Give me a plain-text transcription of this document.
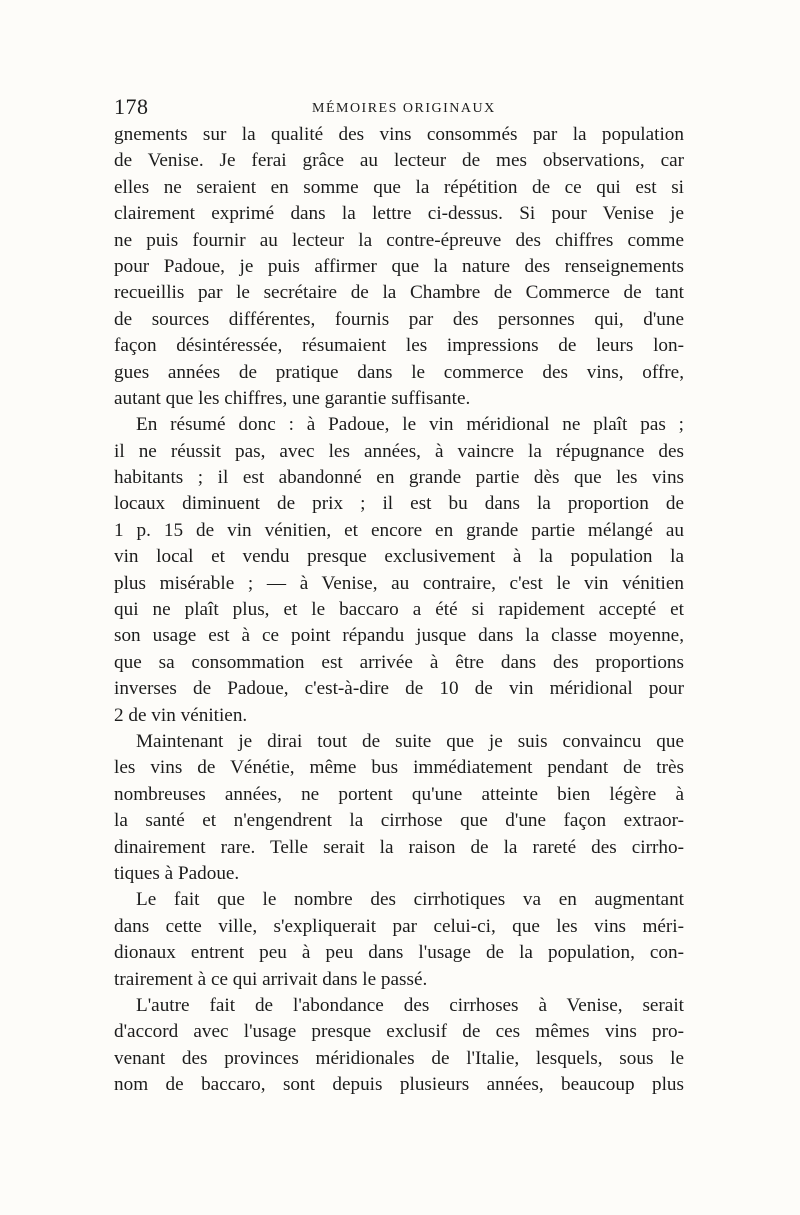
178	MÉMOIRES ORIGINAUX
gnements sur la qualité des vins consommés par la population
de Venise. Je ferai grâce au lecteur de mes observations, car
elles ne seraient en somme que la répétition de ce qui est si
clairement exprimé dans la lettre ci-dessus. Si pour Venise je
ne puis fournir au lecteur la contre-épreuve des chiffres comme
pour Padoue, je puis affirmer que la nature des renseignements
recueillis par le secrétaire de la Chambre de Commerce de tant
de sources différentes, fournis par des personnes qui, d'une
façon désintéressée, résumaient les impressions de leurs lon-
gues années de pratique dans le commerce des vins, offre,
autant que les chiffres, une garantie suffisante.
En résumé donc : à Padoue, le vin méridional ne plaît pas ;
il ne réussit pas, avec les années, à vaincre la répugnance des
habitants ; il est abandonné en grande partie dès que les vins
locaux diminuent de prix ; il est bu dans la proportion de
1 p. 15 de vin vénitien, et encore en grande partie mélangé au
vin local et vendu presque exclusivement à la population la
plus misérable ; — à Venise, au contraire, c'est le vin vénitien
qui ne plaît plus, et le baccaro a été si rapidement accepté et
son usage est à ce point répandu jusque dans la classe moyenne,
que sa consommation est arrivée à être dans des proportions
inverses de Padoue, c'est-à-dire de 10 de vin méridional pour
2 de vin vénitien.
Maintenant je dirai tout de suite que je suis convaincu que
les vins de Vénétie, même bus immédiatement pendant de très
nombreuses années, ne portent qu'une atteinte bien légère à
la santé et n'engendrent la cirrhose que d'une façon extraor-
dinairement rare. Telle serait la raison de la rareté des cirrho-
tiques à Padoue.
Le fait que le nombre des cirrhotiques va en augmentant
dans cette ville, s'expliquerait par celui-ci, que les vins méri-
dionaux entrent peu à peu dans l'usage de la population, con-
trairement à ce qui arrivait dans le passé.
L'autre fait de l'abondance des cirrhoses à Venise, serait
d'accord avec l'usage presque exclusif de ces mêmes vins pro-
venant des provinces méridionales de l'Italie, lesquels, sous le
nom de baccaro, sont depuis plusieurs années, beaucoup plus
